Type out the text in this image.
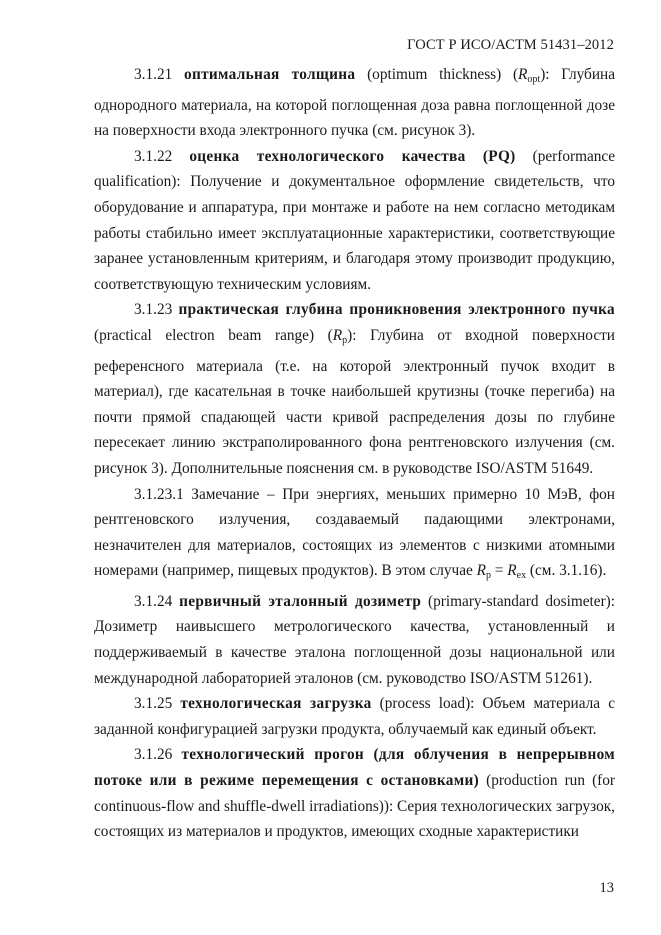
ГОСТ Р ИСО/АСТМ 51431–2012

3.1.21 оптимальная толщина (optimum thickness) $(R_{opt})$: Глубина однородного материала, на которой поглощенная доза равна поглощенной дозе на поверхности входа электронного пучка (см. рисунок 3).

3.1.22 оценка технологического качества (PQ) (performance qualification): Получение и документальное оформление свидетельств, что оборудование и аппаратура, при монтаже и работе на нем согласно методикам работы стабильно имеет эксплуатационные характеристики, соответствующие заранее установленным критериям, и благодаря этому производит продукцию, соответствующую техническим условиям.

3.1.23 практическая глубина проникновения электронного пучка (practical electron beam range) $(R_p)$: Глубина от входной поверхности референсного материала (т.е. на которой электронный пучок входит в материал), где касательная в точке наибольшей крутизны (точке перегиба) на почти прямой спадающей части кривой распределения дозы по глубине пересекает линию экстраполированного фона рентгеновского излучения (см. рисунок 3). Дополнительные пояснения см. в руководстве ISO/ASTM 51649.

3.1.23.1 Замечание – При энергиях, меньших примерно 10 МэВ, фон рентгеновского излучения, создаваемый падающими электронами, незначителен для материалов, состоящих из элементов с низкими атомными номерами (например, пищевых продуктов). В этом случае $R_p = R_{ex}$ (см. 3.1.16).

3.1.24 первичный эталонный дозиметр (primary-standard dosimeter): Дозиметр наивысшего метрологического качества, установленный и поддерживаемый в качестве эталона поглощенной дозы национальной или международной лабораторией эталонов (см. руководство ISO/ASTM 51261).

3.1.25 технологическая загрузка (process load): Объем материала с заданной конфигурацией загрузки продукта, облучаемый как единый объект.

3.1.26 технологический прогон (для облучения в непрерывном потоке или в режиме перемещения с остановками) (production run (for continuous-flow and shuffle-dwell irradiations)): Серия технологических загрузок, состоящих из материалов и продуктов, имеющих сходные характеристики

13
